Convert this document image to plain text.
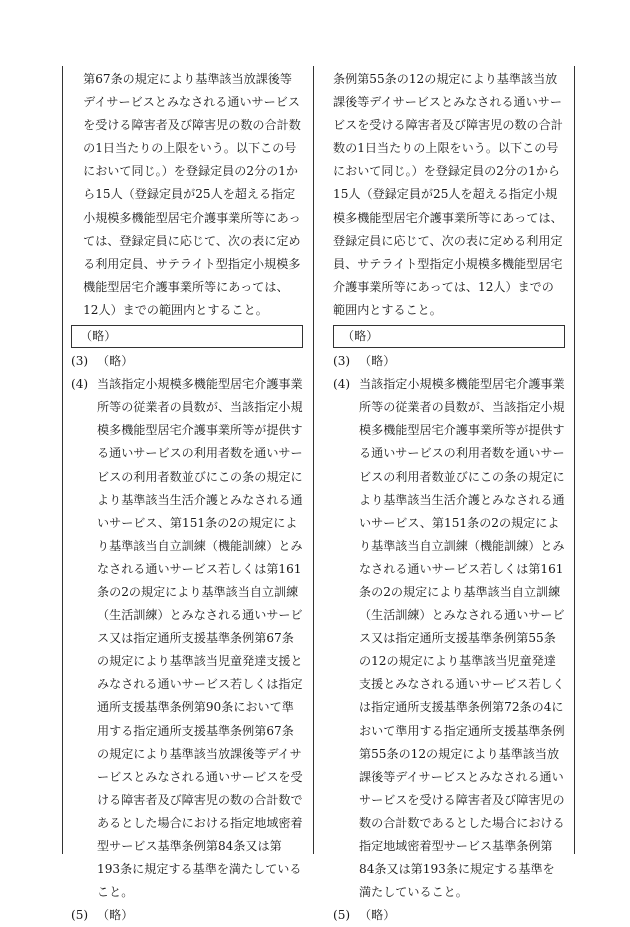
第67条の規定により基準該当放課後等デイサービスとみなされる通いサービスを受ける障害者及び障害児の数の合計数の1日当たりの上限をいう。以下この号において同じ。）を登録定員の2分の1から15人（登録定員が25人を超える指定小規模多機能型居宅介護事業所等にあっては、登録定員に応じて、次の表に定める利用定員、サテライト型指定小規模多機能型居宅介護事業所等にあっては、12人）までの範囲内とすること。

（略）
(3) （略）
(4) 当該指定小規模多機能型居宅介護事業所等の従業者の員数が、当該指定小規模多機能型居宅介護事業所等が提供する通いサービスの利用者数を通いサービスの利用者数並びにこの条の規定により基準該当生活介護とみなされる通いサービス、第151条の2の規定により基準該当自立訓練（機能訓練）とみなされる通いサービス若しくは第161条の2の規定により基準該当自立訓練（生活訓練）とみなされる通いサービス又は指定通所支援基準条例第67条の規定により基準該当児童発達支援とみなされる通いサービス若しくは指定通所支援基準条例第90条において準用する指定通所支援基準条例第67条の規定により基準該当放課後等デイサービスとみなされる通いサービスを受ける障害者及び障害児の数の合計数であるとした場合における指定地域密着型サービス基準条例第84条又は第193条に規定する基準を満たしていること。
(5) （略）

条例第55条の12の規定により基準該当放課後等デイサービスとみなされる通いサービスを受ける障害者及び障害児の数の合計数の1日当たりの上限をいう。以下この号において同じ。）を登録定員の2分の1から15人（登録定員が25人を超える指定小規模多機能型居宅介護事業所等にあっては、登録定員に応じて、次の表に定める利用定員、サテライト型指定小規模多機能型居宅介護事業所等にあっては、12人）までの範囲内とすること。

（略）
(3) （略）
(4) 当該指定小規模多機能型居宅介護事業所等の従業者の員数が、当該指定小規模多機能型居宅介護事業所等が提供する通いサービスの利用者数を通いサービスの利用者数並びにこの条の規定により基準該当生活介護とみなされる通いサービス、第151条の2の規定により基準該当自立訓練（機能訓練）とみなされる通いサービス若しくは第161条の2の規定により基準該当自立訓練（生活訓練）とみなされる通いサービス又は指定通所支援基準条例第55条の12の規定により基準該当児童発達支援とみなされる通いサービス若しくは指定通所支援基準条例第72条の4において準用する指定通所支援基準条例第55条の12の規定により基準該当放課後等デイサービスとみなされる通いサービスを受ける障害者及び障害児の数の合計数であるとした場合における指定地域密着型サービス基準条例第84条又は第193条に規定する基準を満たしていること。
(5) （略）
